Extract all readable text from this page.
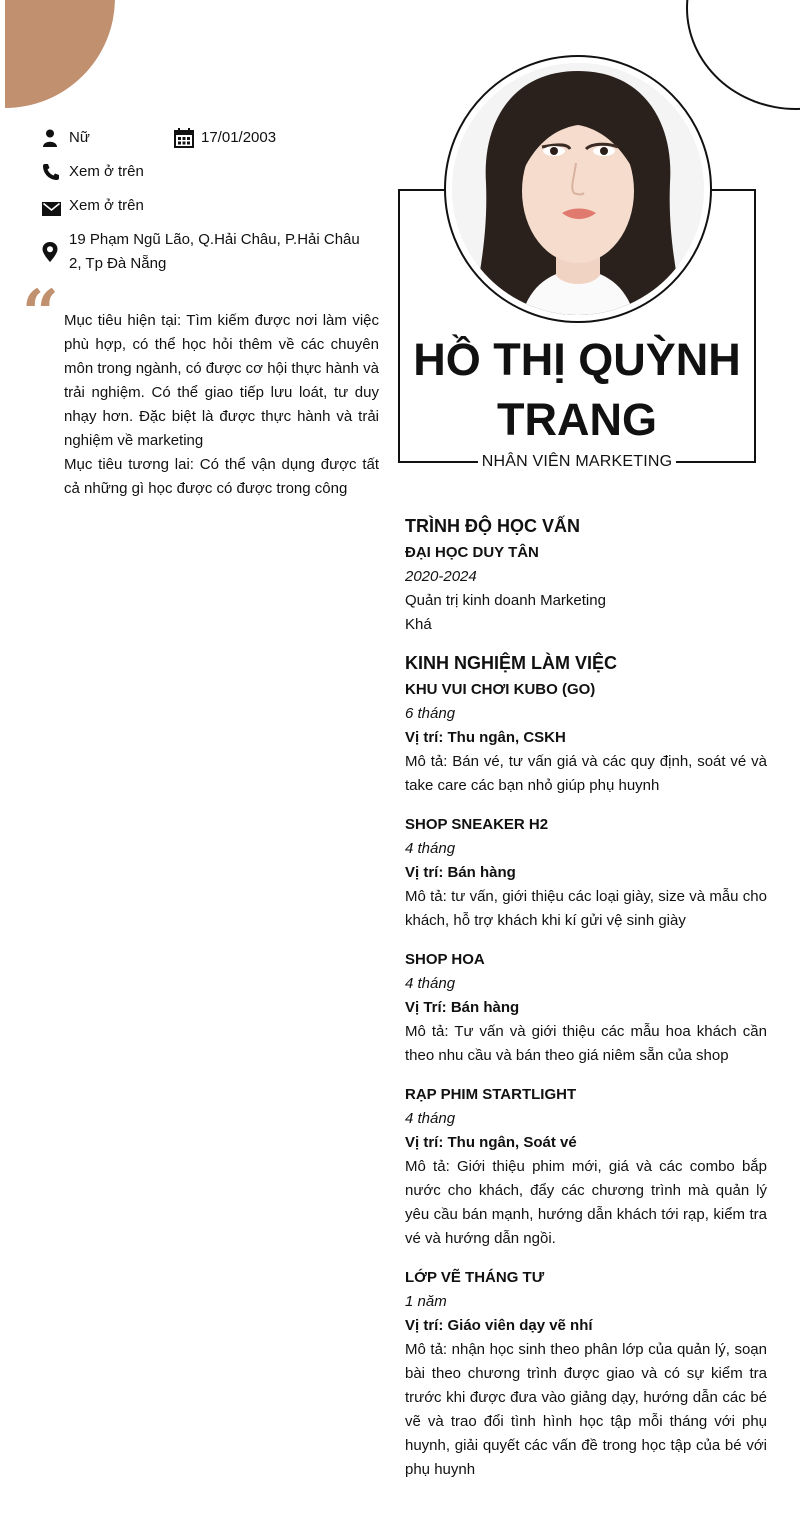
Nữ	17/01/2003
Xem ở trên
Xem ở trên
19 Phạm Ngũ Lão, Q.Hải Châu, P.Hải Châu 2, Tp Đà Nẵng
“ Mục tiêu hiện tại: Tìm kiếm được nơi làm việc phù hợp, có thể học hỏi thêm về các chuyên môn trong ngành, có được cơ hội thực hành và trải nghiệm. Có thể giao tiếp lưu loát, tư duy nhạy hơn. Đặc biệt là được thực hành và trải nghiệm về marketing

Mục tiêu tương lai: Có thể vận dụng được tất cả những gì học được có được trong công

HỒ THỊ QUỲNH TRANG
NHÂN VIÊN MARKETING
TRÌNH ĐỘ HỌC VẤN
ĐẠI HỌC DUY TÂN
2020-2024
Quản trị kinh doanh Marketing
Khá
KINH NGHIỆM LÀM VIỆC
KHU VUI CHƠI KUBO (GO)
6 tháng
Vị trí: Thu ngân, CSKH
Mô tả: Bán vé, tư vấn giá và các quy định, soát vé và take care các bạn nhỏ giúp phụ huynh
SHOP SNEAKER H2
4 tháng
Vị trí: Bán hàng
Mô tả: tư vấn, giới thiệu các loại giày, size và mẫu cho khách, hỗ trợ khách khi kí gửi vệ sinh giày
SHOP HOA
4 tháng
Vị Trí: Bán hàng
Mô tả: Tư vấn và giới thiệu các mẫu hoa khách cần theo nhu cầu và bán theo giá niêm sẵn của shop
RẠP PHIM STARTLIGHT
4 tháng
Vị trí: Thu ngân, Soát vé
Mô tả: Giới thiệu phim mới, giá và các combo bắp nước cho khách, đẩy các chương trình mà quản lý yêu cầu bán mạnh, hướng dẫn khách tới rạp, kiểm tra vé và hướng dẫn ngồi.
LỚP VẼ THÁNG TƯ
1 năm
Vị trí: Giáo viên dạy vẽ nhí
Mô tả: nhận học sinh theo phân lớp của quản lý, soạn bài theo chương trình được giao và có sự kiểm tra trước khi được đưa vào giảng dạy, hướng dẫn các bé vẽ và trao đổi tình hình học tập mỗi tháng với phụ huynh, giải quyết các vấn đề trong học tập của bé với phụ huynh
